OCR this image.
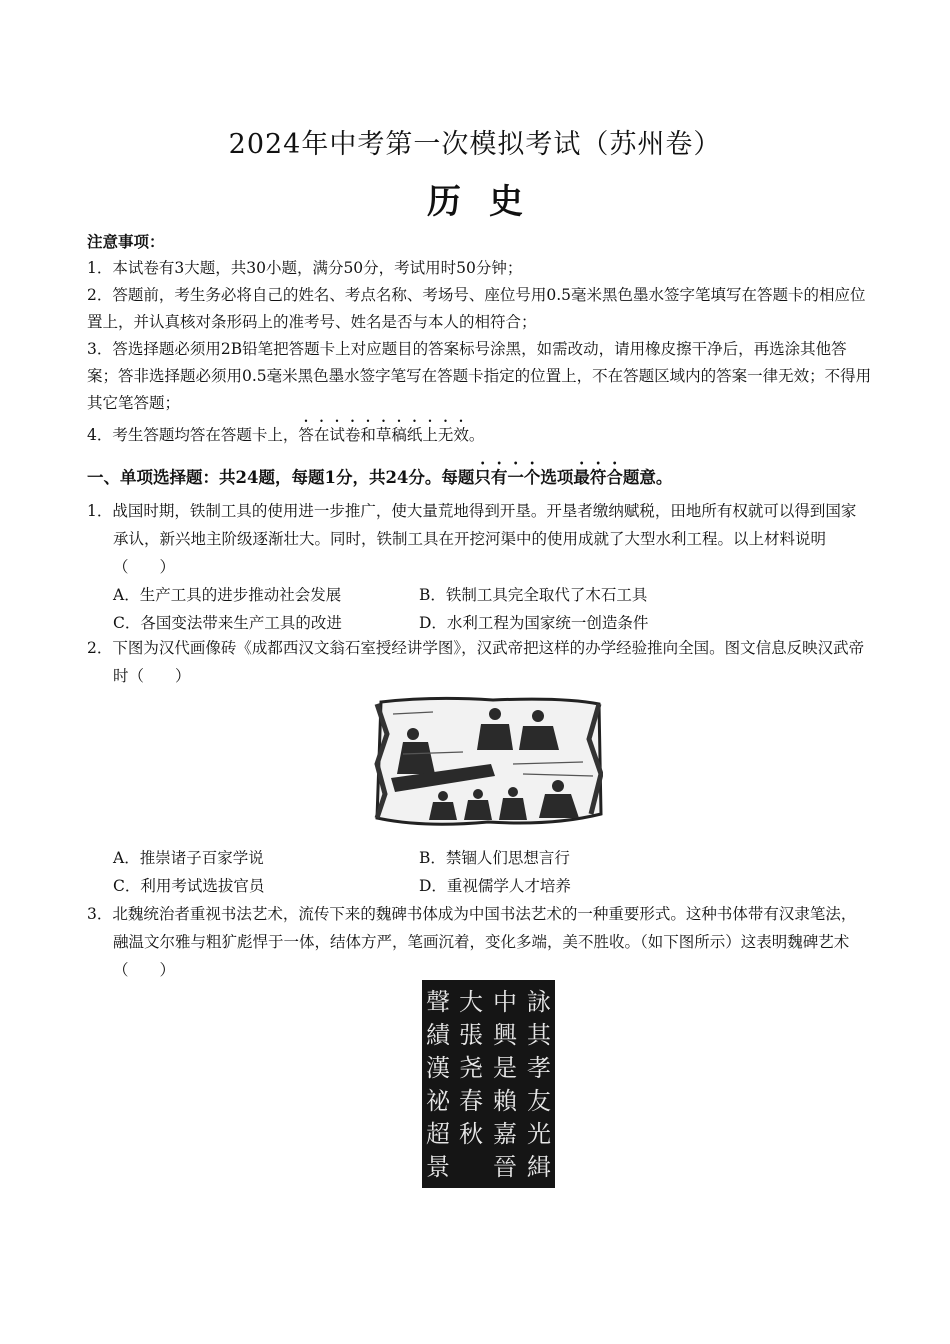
2024年中考第一次模拟考试（苏州卷）
历史

注意事项：

1．本试卷有3大题，共30小题，满分50分，考试用时50分钟；

2．答题前，考生务必将自己的姓名、考点名称、考场号、座位号用0.5毫米黑色墨水签字笔填写在答题卡的相应位置上，并认真核对条形码上的准考号、姓名是否与本人的相符合；

3．答选择题必须用2B铅笔把答题卡上对应题目的答案标号涂黑，如需改动，请用橡皮擦干净后，再选涂其他答案；答非选择题必须用0.5毫米黑色墨水签字笔写在答题卡指定的位置上，不在答题区域内的答案一律无效；不得用其它笔答题；

4．考生答题均答在答题卡上，答在试卷和草稿纸上无效。

一、单项选择题：共24题，每题1分，共24分。每题只有一个选项最符合题意。

1．战国时期，铁制工具的使用进一步推广，使大量荒地得到开垦。开垦者缴纳赋税，田地所有权就可以得到国家承认，新兴地主阶级逐渐壮大。同时，铁制工具在开挖河渠中的使用成就了大型水利工程。以上材料说明（　　）

A．生产工具的进步推动社会发展	B．铁制工具完全取代了木石工具
C．各国变法带来生产工具的改进	D．水利工程为国家统一创造条件

2．下图为汉代画像砖《成都西汉文翁石室授经讲学图》，汉武帝把这样的办学经验推向全国。图文信息反映汉武帝时（　　）

A．推崇诸子百家学说	B．禁锢人们思想言行
C．利用考试选拔官员	D．重视儒学人才培养

3．北魏统治者重视书法艺术，流传下来的魏碑书体成为中国书法艺术的一种重要形式。这种书体带有汉隶笔法，融温文尔雅与粗犷彪悍于一体，结体方严，笔画沉着，变化多端，美不胜收。（如下图所示）这表明魏碑艺术（　　）

聲
績
漢
祕
超
景
大
張
尧
春
秋
中
興
是
賴
嘉
晉
詠
其
孝
友
光
緝
